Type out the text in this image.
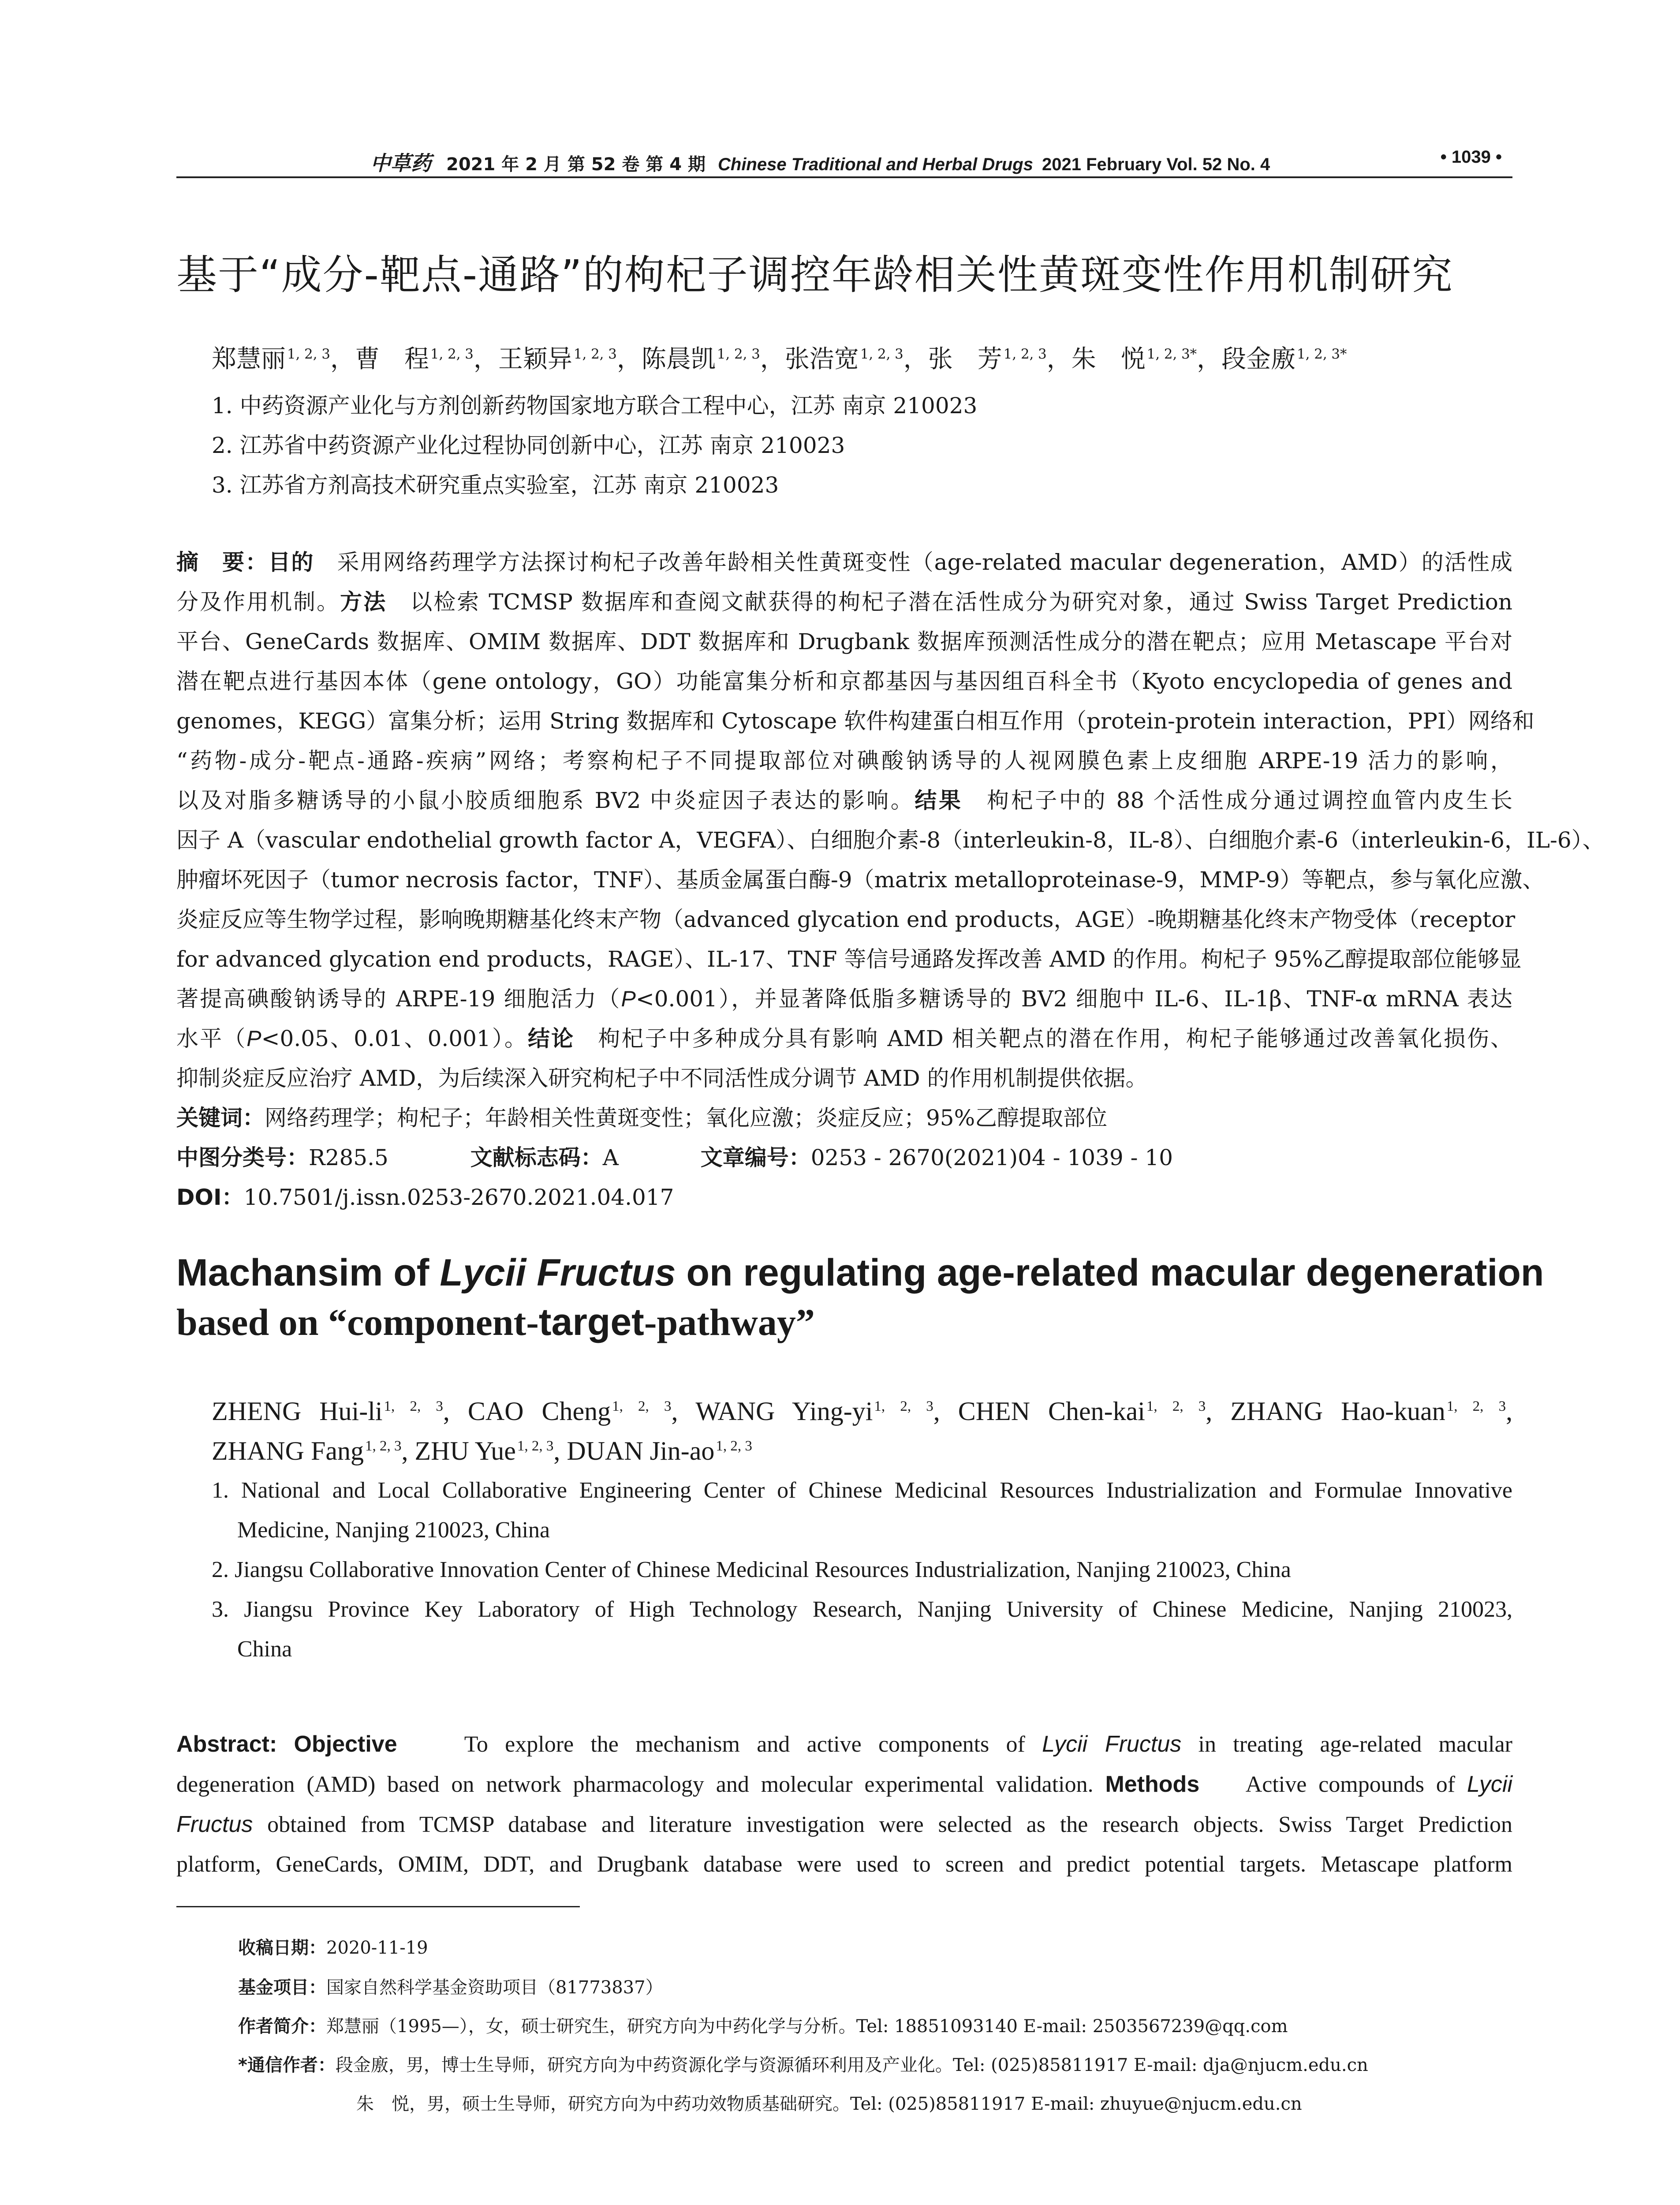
中草药 2021 年 2 月 第 52 卷 第 4 期 Chinese Traditional and Herbal Drugs 2021 February Vol. 52 No. 4	• 1039 •
基于“成分-靶点-通路”的枸杞子调控年龄相关性黄斑变性作用机制研究
郑慧丽$^{1, 2, 3}$，曹　程$^{1, 2, 3}$，王颖异$^{1, 2, 3}$，陈晨凯$^{1, 2, 3}$，张浩宽$^{1, 2, 3}$，张　芳$^{1, 2, 3}$，朱　悦$^{1, 2, 3*}$，段金廒$^{1, 2, 3*}$
1. 中药资源产业化与方剂创新药物国家地方联合工程中心，江苏 南京 210023
2. 江苏省中药资源产业化过程协同创新中心，江苏 南京 210023
3. 江苏省方剂高技术研究重点实验室，江苏 南京 210023
摘　要：目的　 采用网络药理学方法探讨枸杞子改善年龄相关性黄斑变性（age-related macular degeneration，AMD）的活性成
分及作用机制。方法　 以检索 TCMSP 数据库和查阅文献获得的枸杞子潜在活性成分为研究对象，通过 Swiss Target Prediction
平台、GeneCards 数据库、OMIM 数据库、DDT 数据库和 Drugbank 数据库预测活性成分的潜在靶点；应用 Metascape 平台对
潜在靶点进行基因本体（gene ontology，GO）功能富集分析和京都基因与基因组百科全书（Kyoto encyclopedia of genes and
genomes，KEGG）富集分析；运用 String 数据库和 Cytoscape 软件构建蛋白相互作用（protein-protein interaction，PPI）网络和
“药物-成分-靶点-通路-疾病”网络；考察枸杞子不同提取部位对碘酸钠诱导的人视网膜色素上皮细胞 ARPE-19 活力的影响，
以及对脂多糖诱导的小鼠小胶质细胞系 BV2 中炎症因子表达的影响。结果　 枸杞子中的 88 个活性成分通过调控血管内皮生长
因子 A（vascular endothelial growth factor A，VEGFA）、白细胞介素-8（interleukin-8，IL-8）、白细胞介素-6（interleukin-6，IL-6）、
肿瘤坏死因子（tumor necrosis factor，TNF）、基质金属蛋白酶-9（matrix metalloproteinase-9，MMP-9）等靶点，参与氧化应激、
炎症反应等生物学过程，影响晚期糖基化终末产物（advanced glycation end products，AGE）-晚期糖基化终末产物受体（receptor
for advanced glycation end products，RAGE）、IL-17、TNF 等信号通路发挥改善 AMD 的作用。枸杞子 95%乙醇提取部位能够显
著提高碘酸钠诱导的 ARPE-19 细胞活力（P<0.001），并显著降低脂多糖诱导的 BV2 细胞中 IL-6、IL-1β、TNF-α mRNA 表达
水平（P<0.05、0.01、0.001）。结论　 枸杞子中多种成分具有影响 AMD 相关靶点的潜在作用，枸杞子能够通过改善氧化损伤、
抑制炎症反应治疗 AMD，为后续深入研究枸杞子中不同活性成分调节 AMD 的作用机制提供依据。
关键词：网络药理学；枸杞子；年龄相关性黄斑变性；氧化应激；炎症反应；95%乙醇提取部位
中图分类号：R285.5	文献标志码：A	文章编号：0253 - 2670(2021)04 - 1039 - 10
DOI：10.7501/j.issn.0253-2670.2021.04.017
Machansim of Lycii Fructus on regulating age-related macular degeneration
based on “component-target-pathway”
ZHENG Hui-li$^{1, 2, 3}$, CAO Cheng$^{1, 2, 3}$, WANG Ying-yi$^{1, 2, 3}$, CHEN Chen-kai$^{1, 2, 3}$, ZHANG Hao-kuan$^{1, 2, 3}$,
ZHANG Fang$^{1, 2, 3}$, ZHU Yue$^{1, 2, 3}$, DUAN Jin-ao$^{1, 2, 3}$
1. National and Local Collaborative Engineering Center of Chinese Medicinal Resources Industrialization and Formulae Innovative
Medicine, Nanjing 210023, China
2. Jiangsu Collaborative Innovation Center of Chinese Medicinal Resources Industrialization, Nanjing 210023, China
3. Jiangsu Province Key Laboratory of High Technology Research, Nanjing University of Chinese Medicine, Nanjing 210023,
China
Abstract: Objective	To explore the mechanism and active components of Lycii Fructus in treating age-related macular
degeneration (AMD) based on network pharmacology and molecular experimental validation. Methods Active compounds of Lycii
Fructus obtained from TCMSP database and literature investigation were selected as the research objects. Swiss Target Prediction
platform, GeneCards, OMIM, DDT, and Drugbank database were used to screen and predict potential targets. Metascape platform
收稿日期：2020-11-19
基金项目：国家自然科学基金资助项目（81773837）
作者简介：郑慧丽（1995—），女，硕士研究生，研究方向为中药化学与分析。Tel: 18851093140 E-mail: 2503567239@qq.com
*通信作者：段金廒，男，博士生导师，研究方向为中药资源化学与资源循环利用及产业化。Tel: (025)85811917 E-mail: dja@njucm.edu.cn
朱　悦，男，硕士生导师，研究方向为中药功效物质基础研究。Tel: (025)85811917 E-mail: zhuyue@njucm.edu.cn
